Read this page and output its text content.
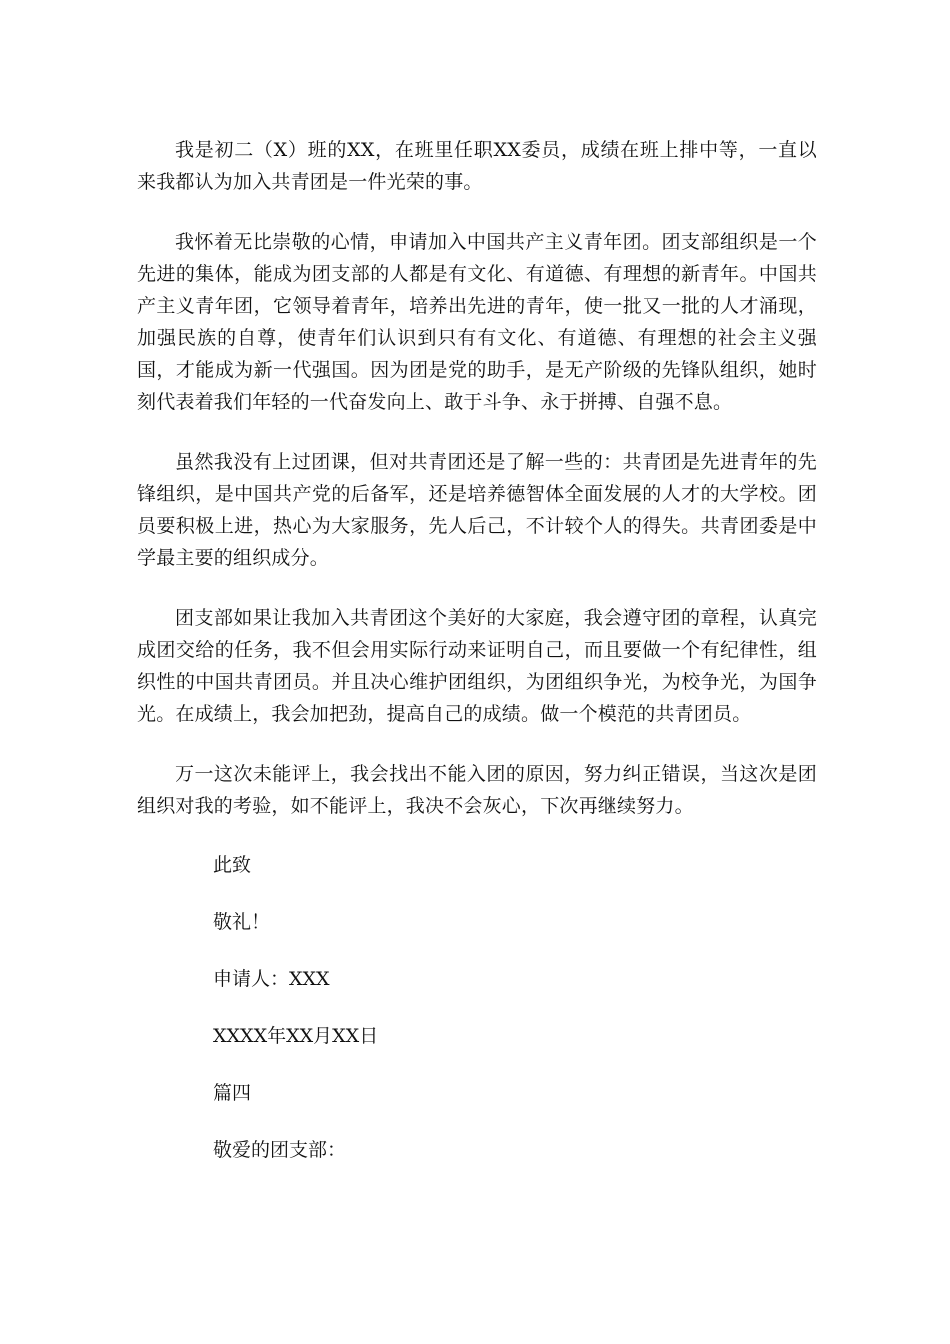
我是初二（X）班的XX，在班里任职XX委员，成绩在班上排中等，一直以来我都认为加入共青团是一件光荣的事。

我怀着无比崇敬的心情，申请加入中国共产主义青年团。团支部组织是一个先进的集体，能成为团支部的人都是有文化、有道德、有理想的新青年。中国共产主义青年团，它领导着青年，培养出先进的青年，使一批又一批的人才涌现，加强民族的自尊，使青年们认识到只有有文化、有道德、有理想的社会主义强国，才能成为新一代强国。因为团是党的助手，是无产阶级的先锋队组织，她时刻代表着我们年轻的一代奋发向上、敢于斗争、永于拼搏、自强不息。

虽然我没有上过团课，但对共青团还是了解一些的：共青团是先进青年的先锋组织，是中国共产党的后备军，还是培养德智体全面发展的人才的大学校。团员要积极上进，热心为大家服务，先人后己，不计较个人的得失。共青团委是中学最主要的组织成分。

团支部如果让我加入共青团这个美好的大家庭，我会遵守团的章程，认真完成团交给的任务，我不但会用实际行动来证明自己，而且要做一个有纪律性，组织性的中国共青团员。并且决心维护团组织，为团组织争光，为校争光，为国争光。在成绩上，我会加把劲，提高自己的成绩。做一个模范的共青团员。

万一这次未能评上，我会找出不能入团的原因，努力纠正错误，当这次是团组织对我的考验，如不能评上，我决不会灰心，下次再继续努力。

此致

敬礼！

申请人：XXX

XXXX年XX月XX日

篇四

敬爱的团支部：
